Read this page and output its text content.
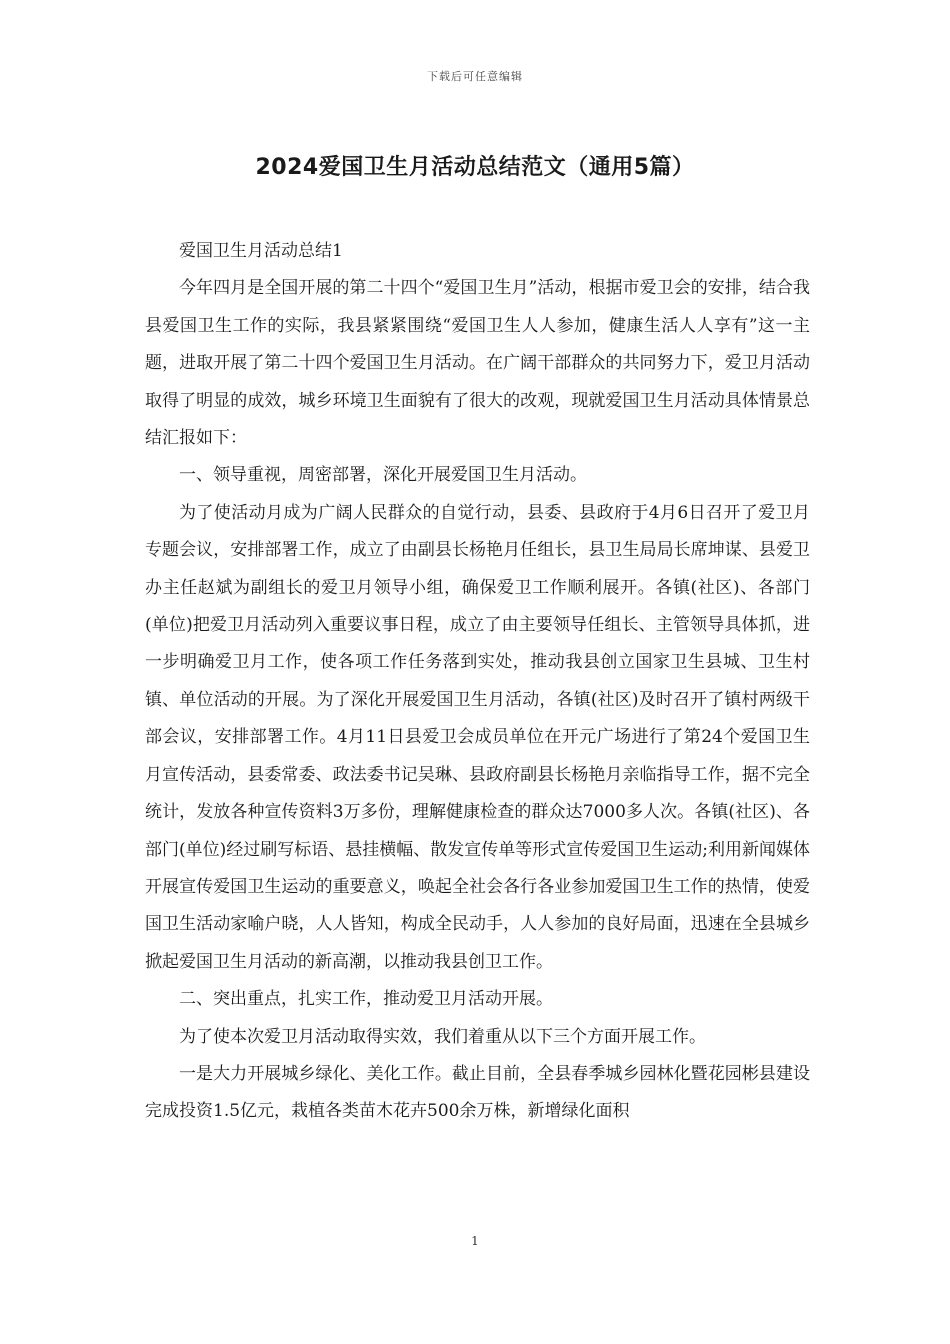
下载后可任意编辑
2024爱国卫生月活动总结范文（通用5篇）

爱国卫生月活动总结1

今年四月是全国开展的第二十四个“爱国卫生月”活动，根据市爱卫会的安排，结合我县爱国卫生工作的实际，我县紧紧围绕“爱国卫生人人参加，健康生活人人享有”这一主题，进取开展了第二十四个爱国卫生月活动。在广阔干部群众的共同努力下，爱卫月活动取得了明显的成效，城乡环境卫生面貌有了很大的改观，现就爱国卫生月活动具体情景总结汇报如下：

一、领导重视，周密部署，深化开展爱国卫生月活动。

为了使活动月成为广阔人民群众的自觉行动，县委、县政府于4月6日召开了爱卫月专题会议，安排部署工作，成立了由副县长杨艳月任组长，县卫生局局长席坤谋、县爱卫办主任赵斌为副组长的爱卫月领导小组，确保爱卫工作顺利展开。各镇(社区)、各部门(单位)把爱卫月活动列入重要议事日程，成立了由主要领导任组长、主管领导具体抓，进一步明确爱卫月工作，使各项工作任务落到实处，推动我县创立国家卫生县城、卫生村镇、单位活动的开展。为了深化开展爱国卫生月活动，各镇(社区)及时召开了镇村两级干部会议，安排部署工作。4月11日县爱卫会成员单位在开元广场进行了第24个爱国卫生月宣传活动，县委常委、政法委书记吴琳、县政府副县长杨艳月亲临指导工作，据不完全统计，发放各种宣传资料3万多份，理解健康检查的群众达7000多人次。各镇(社区)、各部门(单位)经过刷写标语、悬挂横幅、散发宣传单等形式宣传爱国卫生运动;利用新闻媒体开展宣传爱国卫生运动的重要意义，唤起全社会各行各业参加爱国卫生工作的热情，使爱国卫生活动家喻户晓，人人皆知，构成全民动手，人人参加的良好局面，迅速在全县城乡掀起爱国卫生月活动的新高潮，以推动我县创卫工作。

二、突出重点，扎实工作，推动爱卫月活动开展。

为了使本次爱卫月活动取得实效，我们着重从以下三个方面开展工作。

一是大力开展城乡绿化、美化工作。截止目前，全县春季城乡园林化暨花园彬县建设完成投资1.5亿元，栽植各类苗木花卉500余万株，新增绿化面积

1
